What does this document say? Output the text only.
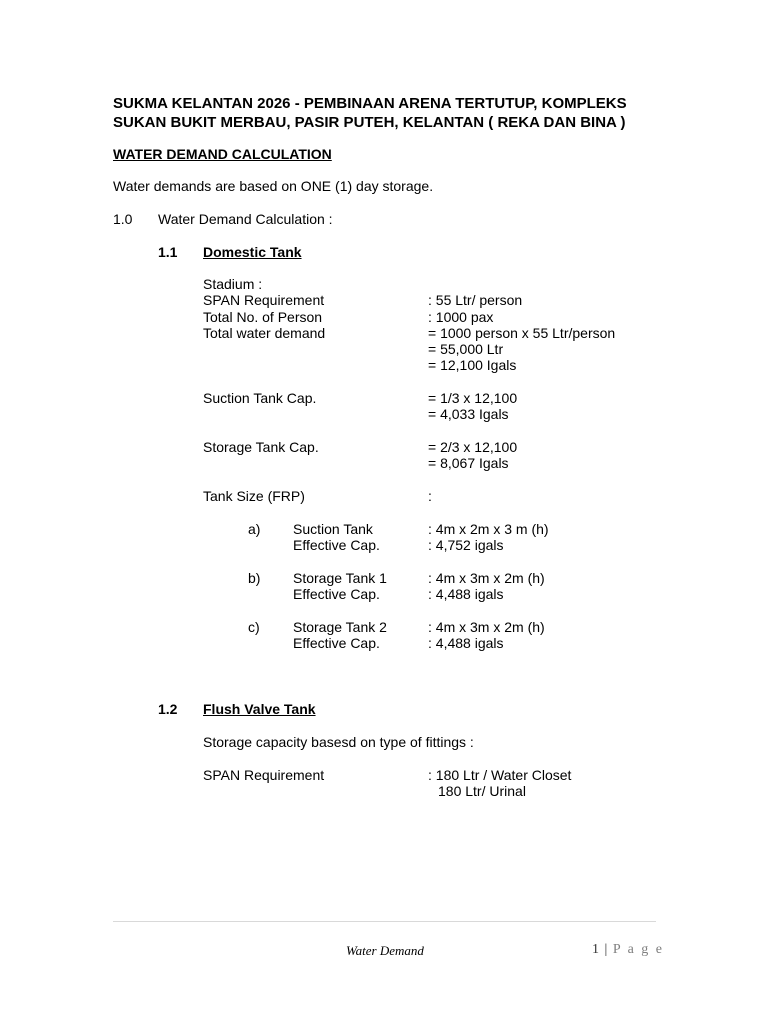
SUKMA KELANTAN 2026 - PEMBINAAN ARENA TERTUTUP, KOMPLEKS
SUKAN BUKIT MERBAU, PASIR PUTEH, KELANTAN ( REKA DAN BINA )
WATER DEMAND CALCULATION
Water demands are based on ONE (1) day storage.
1.0 Water Demand Calculation :
1.1 Domestic Tank
Stadium :
SPAN Requirement	: 55 Ltr/ person
Total No. of Person	: 1000 pax
Total water demand	= 1000 person x 55 Ltr/person
= 55,000 Ltr
= 12,100 Igals
Suction Tank Cap.	= 1/3 x 12,100
= 4,033 Igals
Storage Tank Cap.	= 2/3 x 12,100
= 8,067 Igals
Tank Size (FRP)	:
a) Suction Tank	: 4m x 2m x 3 m (h)
Effective Cap.	: 4,752 igals
b) Storage Tank 1	: 4m x 3m x 2m (h)
Effective Cap.	: 4,488 igals
c) Storage Tank 2	: 4m x 3m x 2m (h)
Effective Cap.	: 4,488 igals
1.2 Flush Valve Tank
Storage capacity basesd on type of fittings :
SPAN Requirement	: 180 Ltr / Water Closet
180 Ltr/ Urinal
Water Demand	1 | P a g e
